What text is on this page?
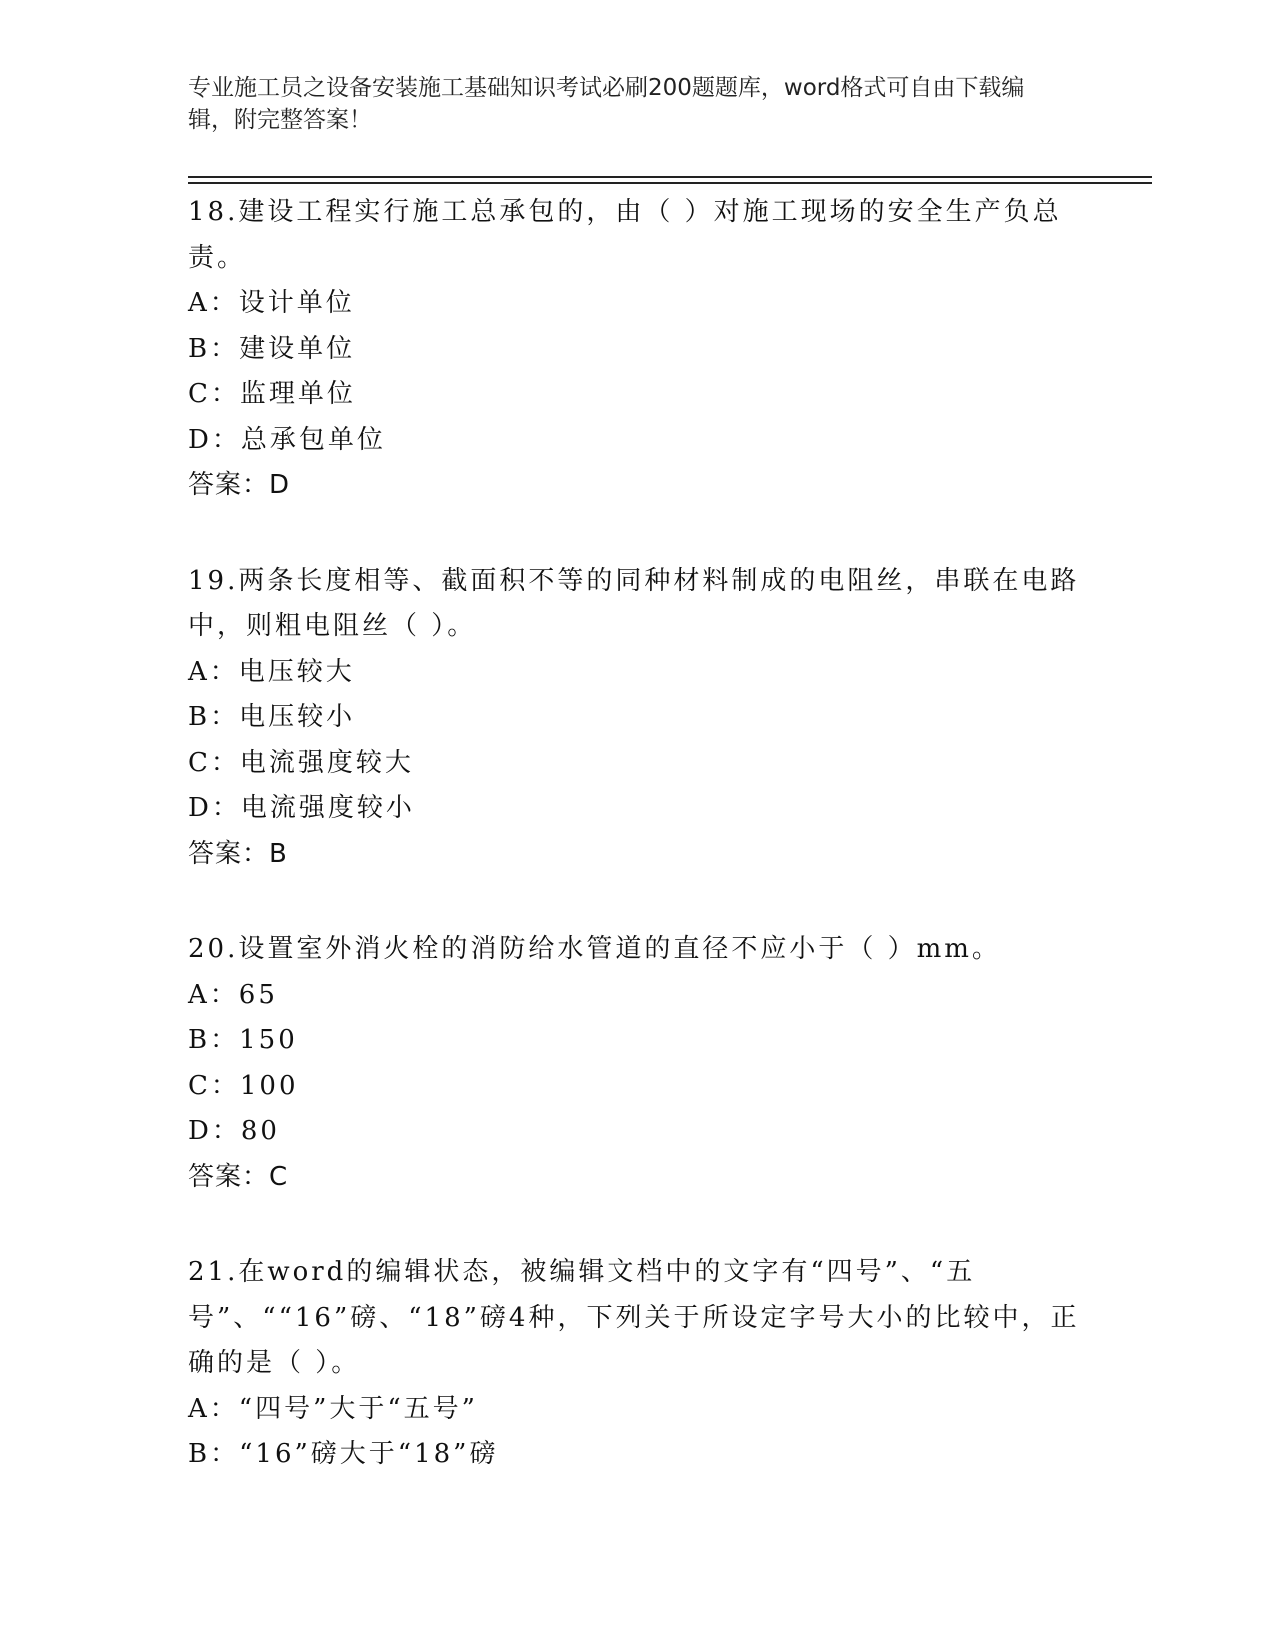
专业施工员之设备安装施工基础知识考试必刷200题题库，word格式可自由下载编辑，附完整答案！

18.建设工程实行施工总承包的，由（ ）对施工现场的安全生产负总责。

A：设计单位
B：建设单位
C：监理单位
D：总承包单位
答案：D

19.两条长度相等、截面积不等的同种材料制成的电阻丝，串联在电路中，则粗电阻丝（ ）。

A：电压较大
B：电压较小
C：电流强度较大
D：电流强度较小
答案：B

20.设置室外消火栓的消防给水管道的直径不应小于（ ）mm。

A：65
B：150
C：100
D：80
答案：C

21.在word的编辑状态，被编辑文档中的文字有“四号”、“五号”、““16”磅、“18”磅4种，下列关于所设定字号大小的比较中，正确的是（ ）。

A：“四号”大于“五号”
B：“16”磅大于“18”磅
